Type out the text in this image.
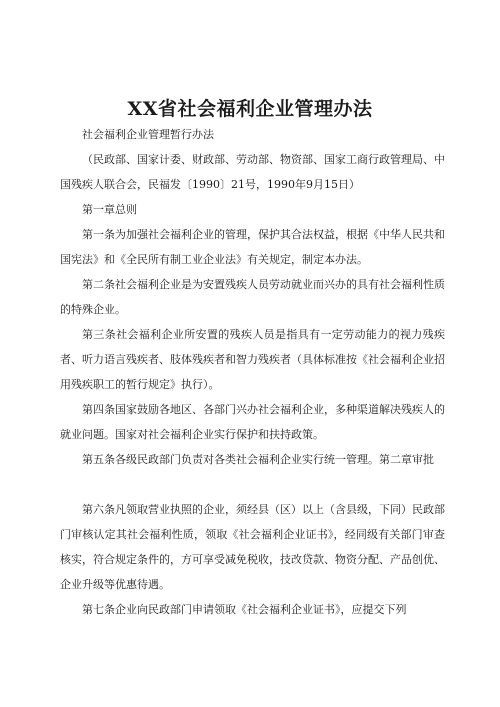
XX省社会福利企业管理办法
社会福利企业管理暂行办法
（民政部、国家计委、财政部、劳动部、物资部、国家工商行政管理局、中国残疾人联合会，民福发〔1990〕21号，1990年9月15日）
第一章总则
第一条为加强社会福利企业的管理，保护其合法权益，根据《中华人民共和国宪法》和《全民所有制工业企业法》有关规定，制定本办法。
第二条社会福利企业是为安置残疾人员劳动就业而兴办的具有社会福利性质的特殊企业。
第三条社会福利企业所安置的残疾人员是指具有一定劳动能力的视力残疾者、听力语言残疾者、肢体残疾者和智力残疾者（具体标准按《社会福利企业招用残疾职工的暂行规定》执行）。
第四条国家鼓励各地区、各部门兴办社会福利企业，多种渠道解决残疾人的就业问题。国家对社会福利企业实行保护和扶持政策。
第五条各级民政部门负责对各类社会福利企业实行统一管理。第二章审批
第六条凡领取营业执照的企业，须经县（区）以上（含县级，下同）民政部门审核认定其社会福利性质，领取《社会福利企业证书》，经同级有关部门审查核实，符合规定条件的，方可享受减免税收，技改贷款、物资分配、产品创优、企业升级等优惠待遇。
第七条企业向民政部门申请领取《社会福利企业证书》，应提交下列
